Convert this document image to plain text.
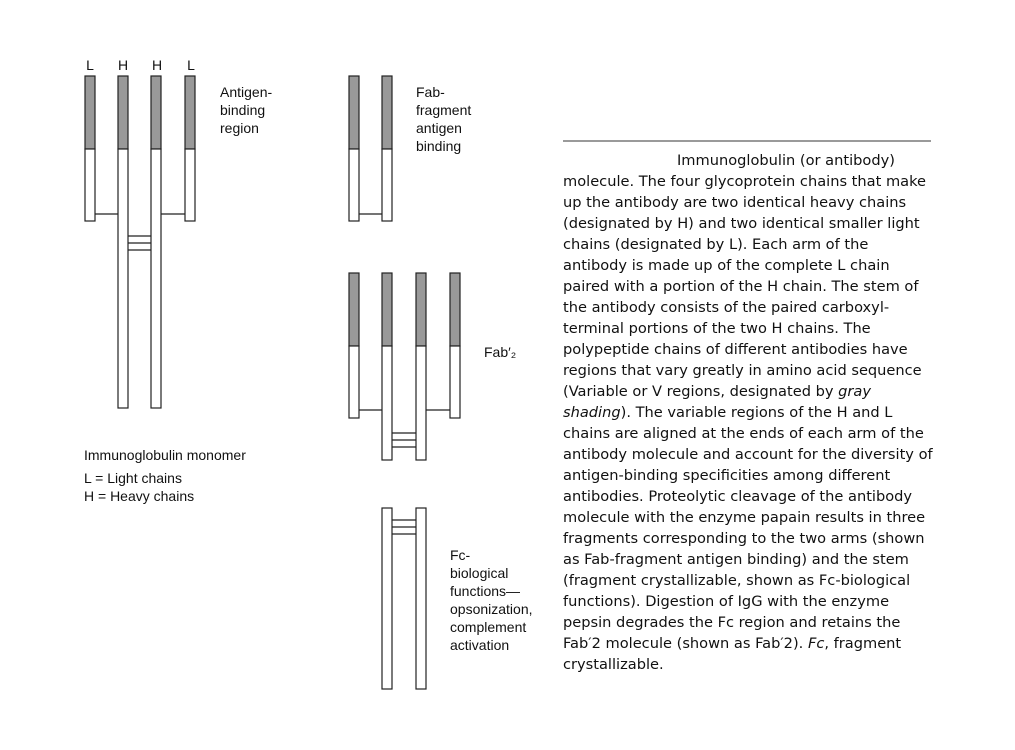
L H H L
Antigen-
binding
region
Fab-
fragment
antigen
binding
Fab′₂
Fc-
biological
functions—
opsonization,
complement
activation
Immunoglobulin monomer
L = Light chains
H = Heavy chains

Immunoglobulin (or antibody) molecule. The four glycoprotein chains that make up the antibody are two identical heavy chains (designated by H) and two identical smaller light chains (designated by L). Each arm of the antibody is made up of the complete L chain paired with a portion of the H chain. The stem of the antibody consists of the paired carboxyl-terminal portions of the two H chains. The polypeptide chains of different antibodies have regions that vary greatly in amino acid sequence (Variable or V regions, designated by gray shading). The variable regions of the H and L chains are aligned at the ends of each arm of the antibody molecule and account for the diversity of antigen-binding specificities among different antibodies. Proteolytic cleavage of the antibody molecule with the enzyme papain results in three fragments corresponding to the two arms (shown as Fab-fragment antigen binding) and the stem (fragment crystallizable, shown as Fc-biological functions). Digestion of IgG with the enzyme pepsin degrades the Fc region and retains the Fab′2 molecule (shown as Fab′2). Fc, fragment crystallizable.
